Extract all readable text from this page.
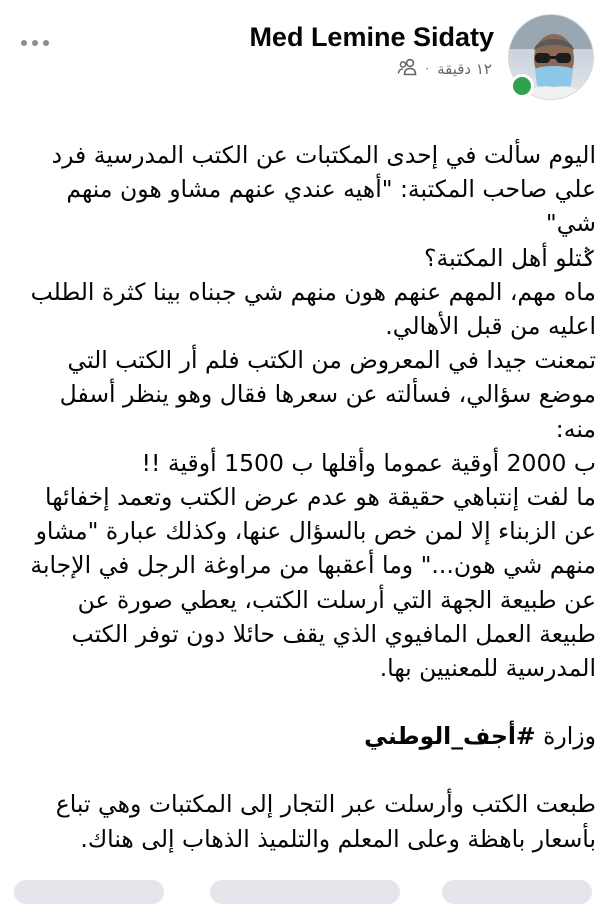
Med Lemine Sidaty
١٢ دقيقة
·

اليوم سألت في إحدى المكتبات عن الكتب المدرسية فرد
علي صاحب المكتبة: "أهيه عندي عنهم مشاو هون منهم
شي"
ݣتلو أهل المكتبة؟
ماه مهم، المهم عنهم هون منهم شي جبناه بينا كثرة الطلب
اعليه من قبل الأهالي.
تمعنت جيدا في المعروض من الكتب فلم أر الكتب التي
موضع سؤالي، فسألته عن سعرها فقال وهو ينظر أسفل
منه:
ب 2000 أوقية عموما وأقلها ب 1500 أوقية !!
ما لفت إنتباهي حقيقة هو عدم عرض الكتب وتعمد إخفائها
عن الزبناء إلا لمن خص بالسؤال عنها، وكذلك عبارة "مشاو
منهم شي هون..." وما أعقبها من مراوغة الرجل في الإجابة
عن طبيعة الجهة التي أرسلت الكتب، يعطي صورة عن
طبيعة العمل المافيوي الذي يقف حائلا دون توفر الكتب
المدرسية للمعنيين بها.

وزارة #أجف_الوطني

طبعت الكتب وأرسلت عبر التجار إلى المكتبات وهي تباع
بأسعار باهظة وعلى المعلم والتلميذ الذهاب إلى هناك.
